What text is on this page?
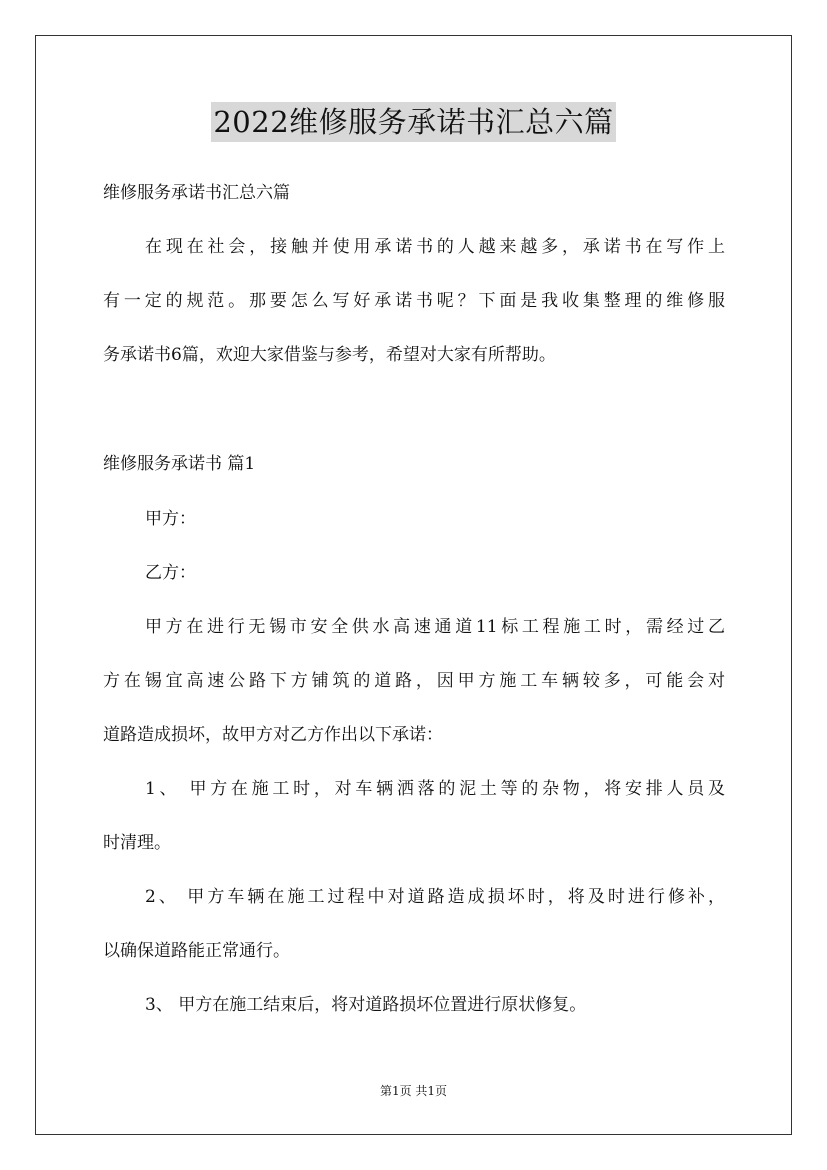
2022维修服务承诺书汇总六篇
维修服务承诺书汇总六篇
在现在社会，接触并使用承诺书的人越来越多，承诺书在写作上
有一定的规范。那要怎么写好承诺书呢？下面是我收集整理的维修服
务承诺书6篇，欢迎大家借鉴与参考，希望对大家有所帮助。
维修服务承诺书 篇1
甲方：
乙方：
甲方在进行无锡市安全供水高速通道11标工程施工时，需经过乙
方在锡宜高速公路下方铺筑的道路，因甲方施工车辆较多，可能会对
道路造成损坏，故甲方对乙方作出以下承诺：
1、 甲方在施工时，对车辆洒落的泥土等的杂物，将安排人员及
时清理。
2、 甲方车辆在施工过程中对道路造成损坏时，将及时进行修补，
以确保道路能正常通行。
3、 甲方在施工结束后，将对道路损坏位置进行原状修复。
第1页 共1页
